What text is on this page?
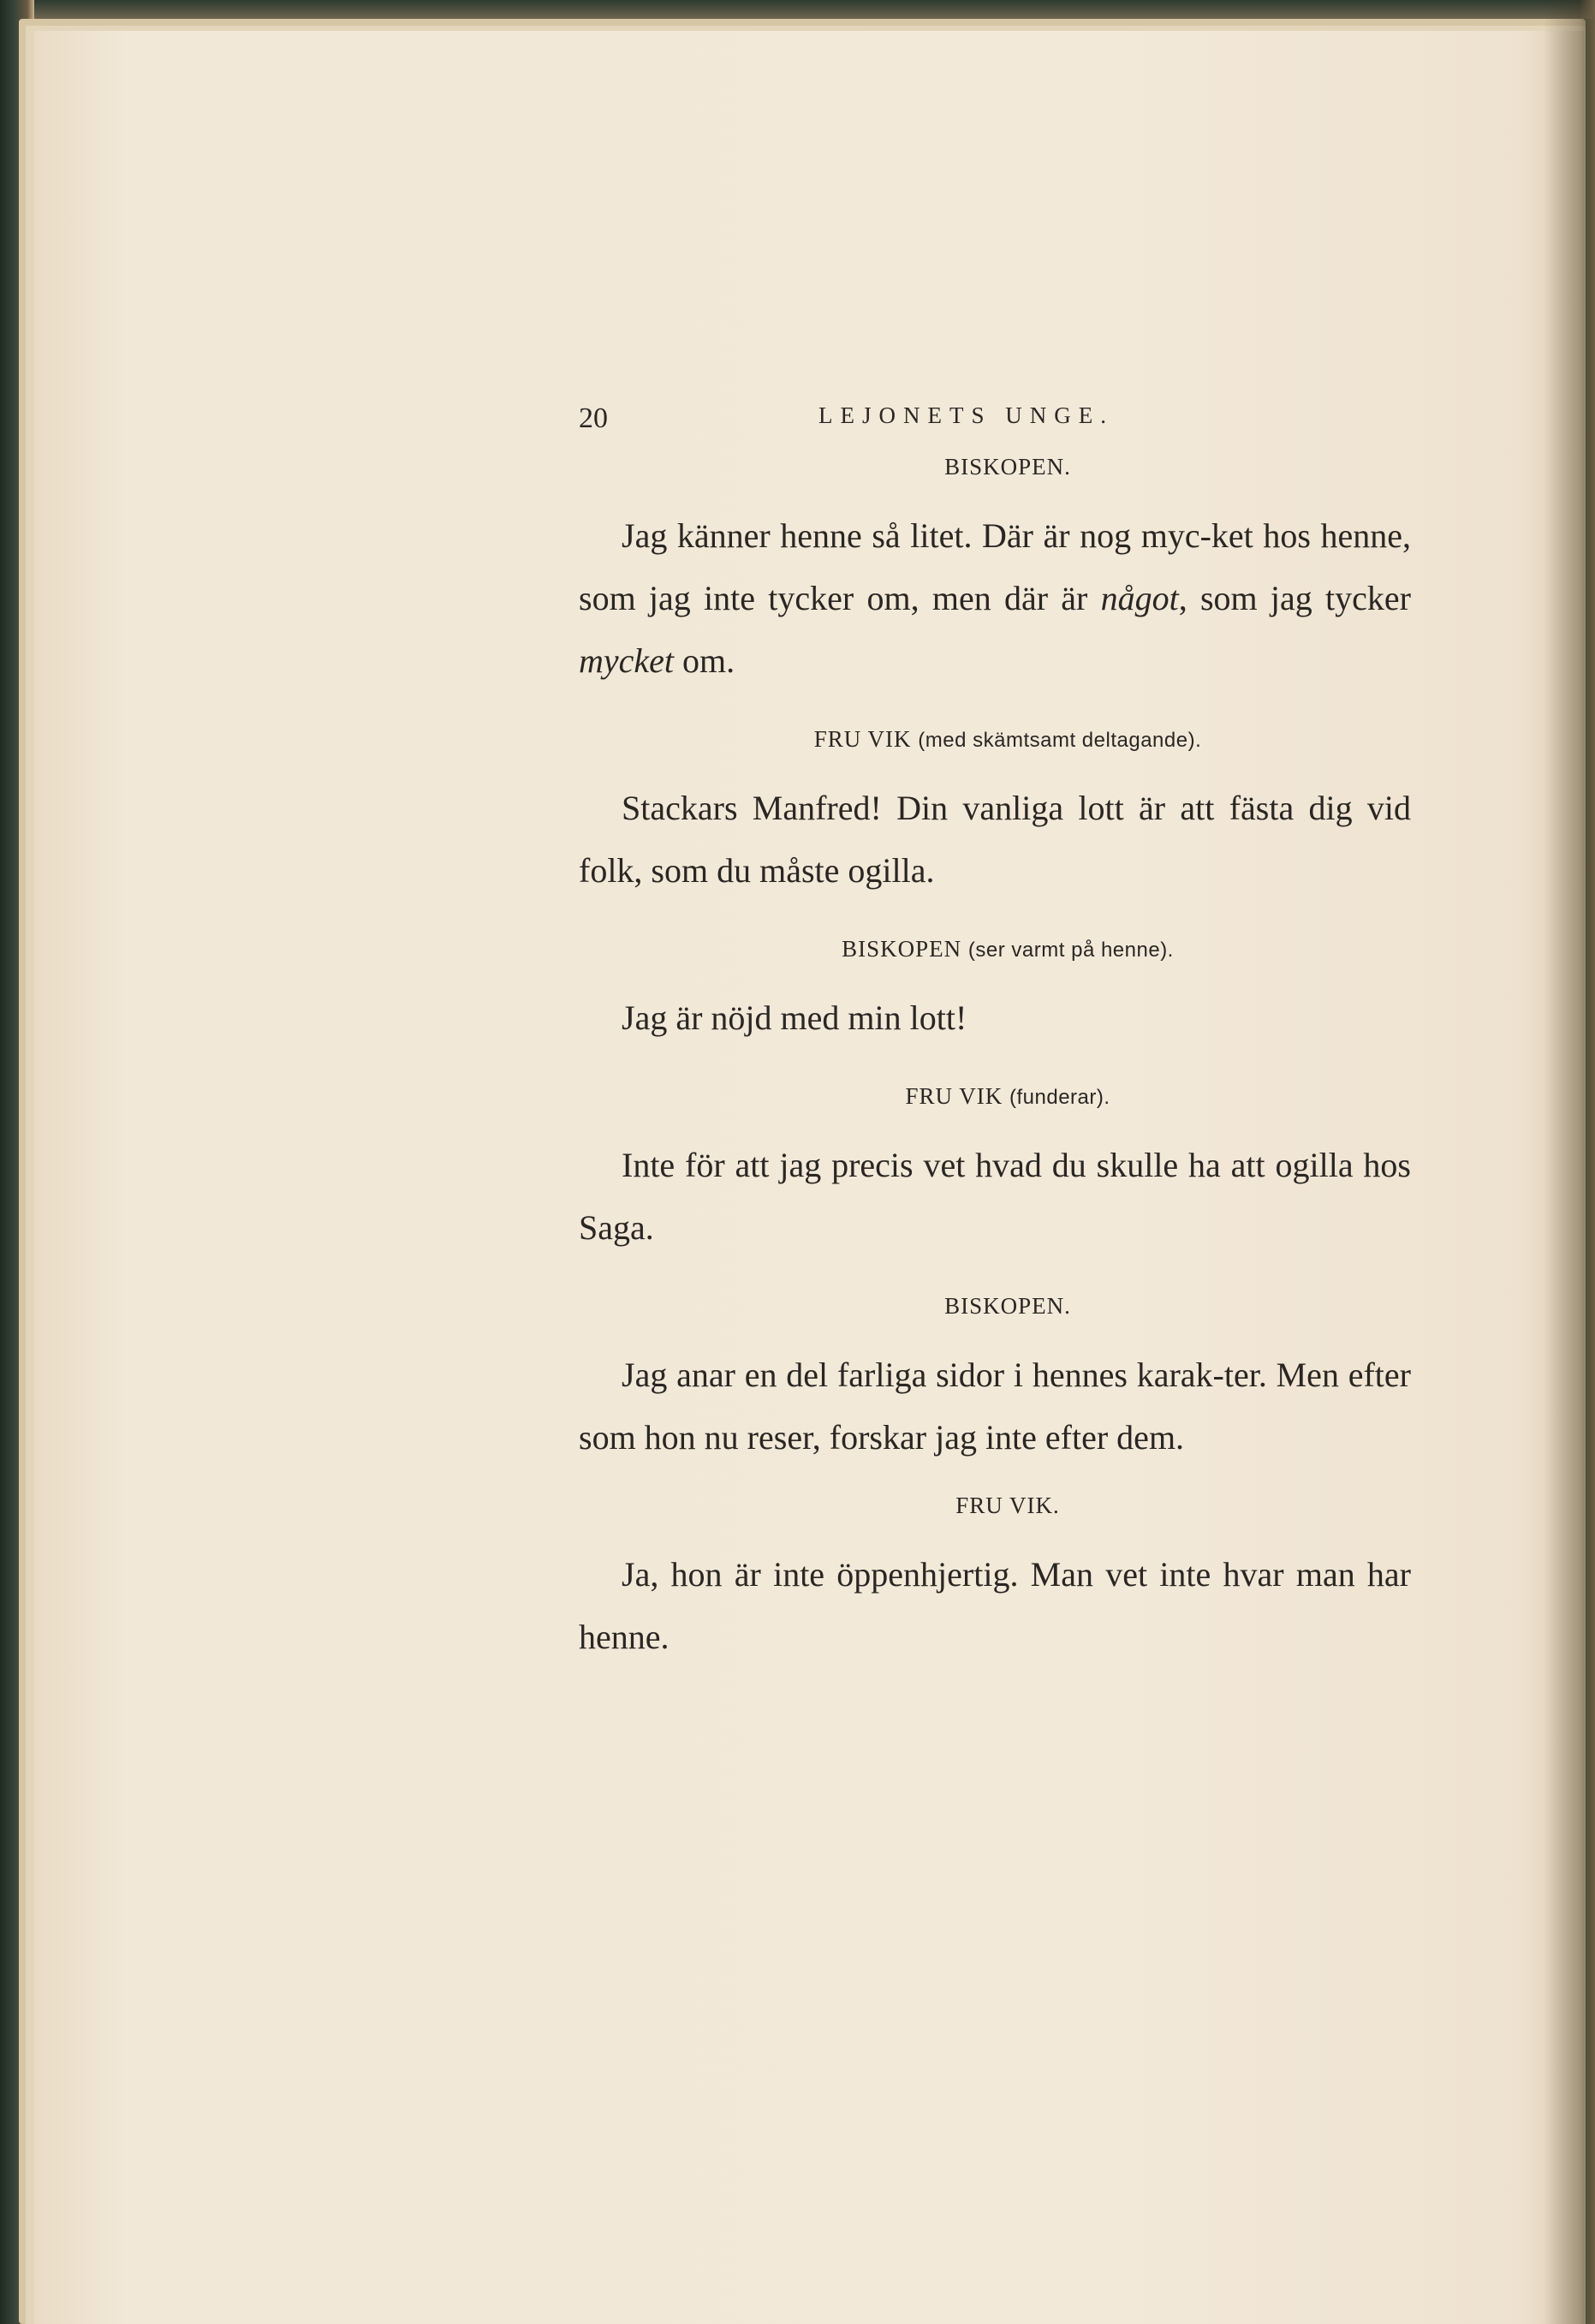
20	LEJONETS UNGE.

BISKOPEN.

Jag känner henne så litet. Där är nog myc-ket hos henne, som jag inte tycker om, men där är något, som jag tycker mycket om.

FRU VIK (med skämtsamt deltagande).

Stackars Manfred! Din vanliga lott är att fästa dig vid folk, som du måste ogilla.

BISKOPEN (ser varmt på henne).

Jag är nöjd med min lott!

FRU VIK (funderar).

Inte för att jag precis vet hvad du skulle ha att ogilla hos Saga.

BISKOPEN.

Jag anar en del farliga sidor i hennes karak-ter. Men efter som hon nu reser, forskar jag inte efter dem.

FRU VIK.

Ja, hon är inte öppenhjertig. Man vet inte hvar man har henne.
